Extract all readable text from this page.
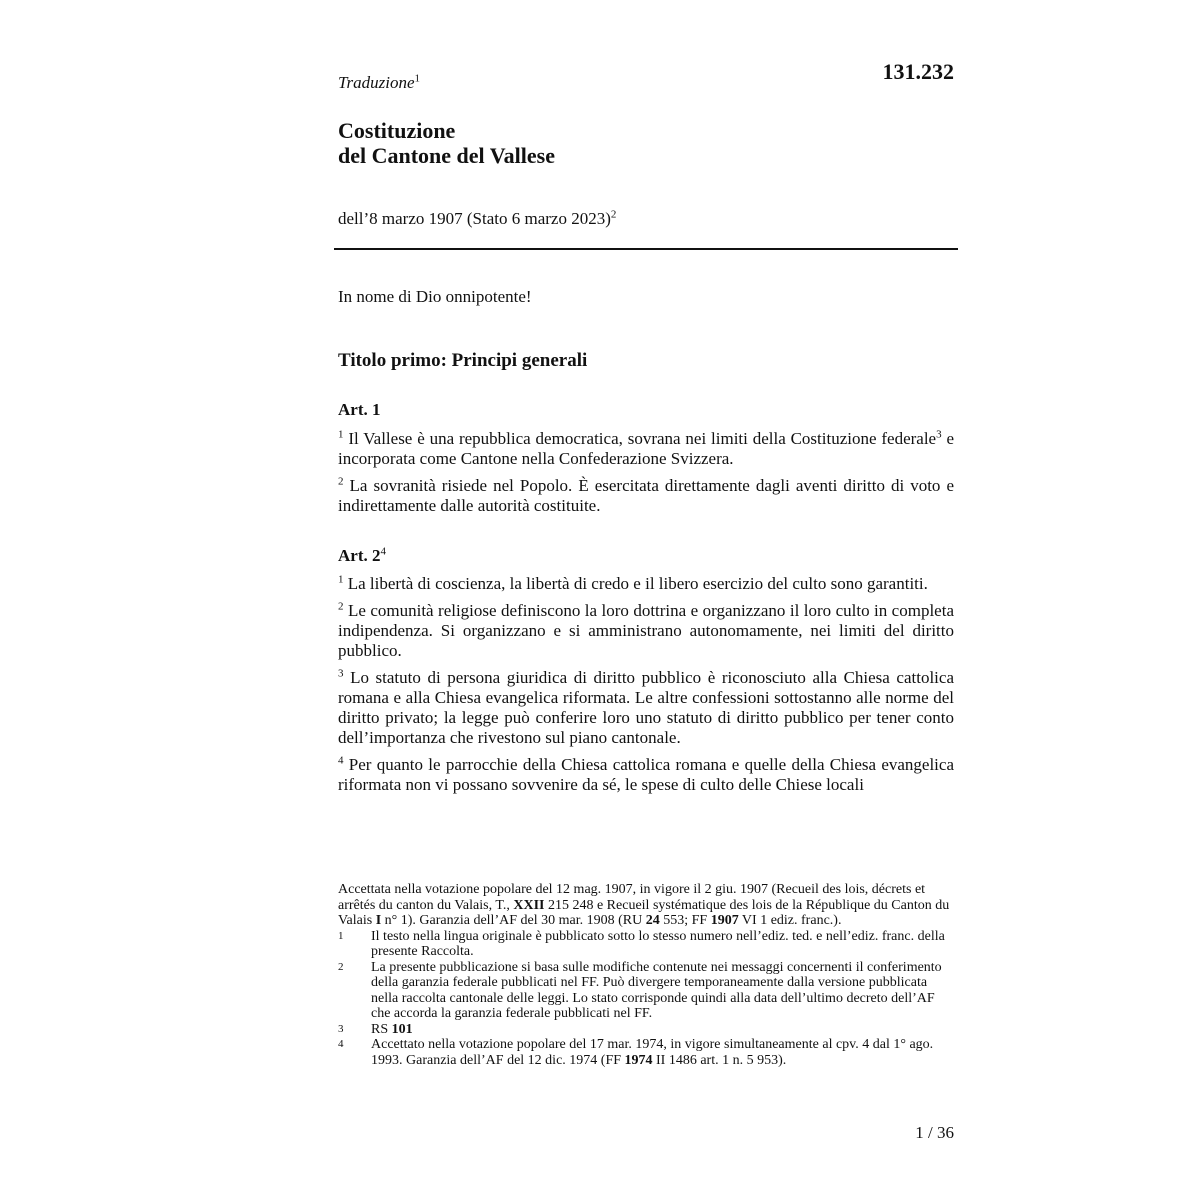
Traduzione$^1$	131.232
Costituzione
del Cantone del Vallese
dell’8 marzo 1907 (Stato 6 marzo 2023)$^2$
In nome di Dio onnipotente!
Titolo primo: Principi generali
Art. 1

$^1$ Il Vallese è una repubblica democratica, sovrana nei limiti della Costituzione federale$^3$ e incorporata come Cantone nella Confederazione Svizzera.

$^2$ La sovranità risiede nel Popolo. È esercitata direttamente dagli aventi diritto di voto e indirettamente dalle autorità costituite.

Art. $2^4$

$^1$ La libertà di coscienza, la libertà di credo e il libero esercizio del culto sono garantiti.

$^2$ Le comunità religiose definiscono la loro dottrina e organizzano il loro culto in completa indipendenza. Si organizzano e si amministrano autonomamente, nei limiti del diritto pubblico.

$^3$ Lo statuto di persona giuridica di diritto pubblico è riconosciuto alla Chiesa cattolica romana e alla Chiesa evangelica riformata. Le altre confessioni sottostanno alle norme del diritto privato; la legge può conferire loro uno statuto di diritto pubblico per tener conto dell’importanza che rivestono sul piano cantonale.

$^4$ Per quanto le parrocchie della Chiesa cattolica romana e quelle della Chiesa evangelica riformata non vi possano sovvenire da sé, le spese di culto delle Chiese locali

Accettata nella votazione popolare del 12 mag. 1907, in vigore il 2 giu. 1907 (Recueil des lois, décrets et arrêtés du canton du Valais, T., XXII 215 248 e Recueil systématique des lois de la République du Canton du Valais I n° 1). Garanzia dell’AF del 30 mar. 1908 (RU 24 553; FF 1907 VI 1 ediz. franc.).
1	Il testo nella lingua originale è pubblicato sotto lo stesso numero nell’ediz. ted. e nell’ediz. franc. della presente Raccolta.
2	La presente pubblicazione si basa sulle modifiche contenute nei messaggi concernenti il conferimento della garanzia federale pubblicati nel FF. Può divergere temporaneamente dalla versione pubblicata nella raccolta cantonale delle leggi. Lo stato corrisponde quindi alla data dell’ultimo decreto dell’AF che accorda la garanzia federale pubblicati nel FF.
3	RS 101
4	Accettato nella votazione popolare del 17 mar. 1974, in vigore simultaneamente al cpv. 4 dal 1° ago. 1993. Garanzia dell’AF del 12 dic. 1974 (FF 1974 II 1486 art. 1 n. 5 953).
1 / 36
